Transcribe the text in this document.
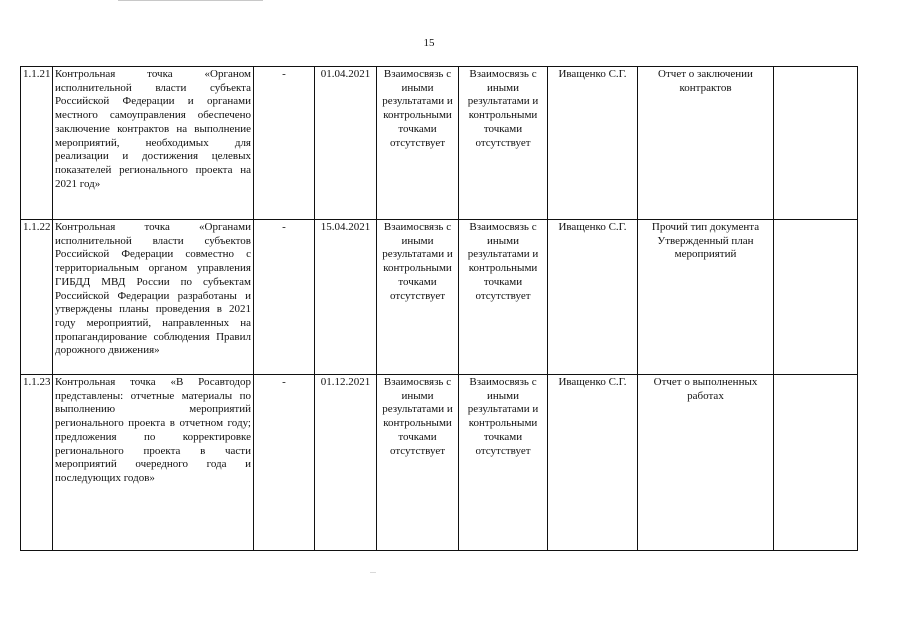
15
1.1.21	Контрольная точка «Органом исполнительной власти субъекта Российской Федерации и органами местного самоуправления обеспечено заключение контрактов на выполнение мероприятий, необходимых для реализации и достижения целевых показателей регионального проекта на 2021 год»	-	01.04.2021	Взаимосвязь с иными результатами и контрольными точками отсутствует	Взаимосвязь с иными результатами и контрольными точками отсутствует	Иващенко С.Г.	Отчет о заключении контрактов	
1.1.22	Контрольная точка «Органами исполнительной власти субъектов Российской Федерации совместно с территориальным органом управления ГИБДД МВД России по субъектам Российской Федерации разработаны и утверждены планы проведения в 2021 году мероприятий, направленных на пропагандирование соблюдения Правил дорожного движения»	-	15.04.2021	Взаимосвязь с иными результатами и контрольными точками отсутствует	Взаимосвязь с иными результатами и контрольными точками отсутствует	Иващенко С.Г.	Прочий тип документа Утвержденный план мероприятий	
1.1.23	Контрольная точка «В Росавтодор представлены: отчетные материалы по выполнению мероприятий регионального проекта в отчетном году; предложения по корректировке регионального проекта в части мероприятий очередного года и последующих годов»	-	01.12.2021	Взаимосвязь с иными результатами и контрольными точками отсутствует	Взаимосвязь с иными результатами и контрольными точками отсутствует	Иващенко С.Г.	Отчет о выполненных работах	
